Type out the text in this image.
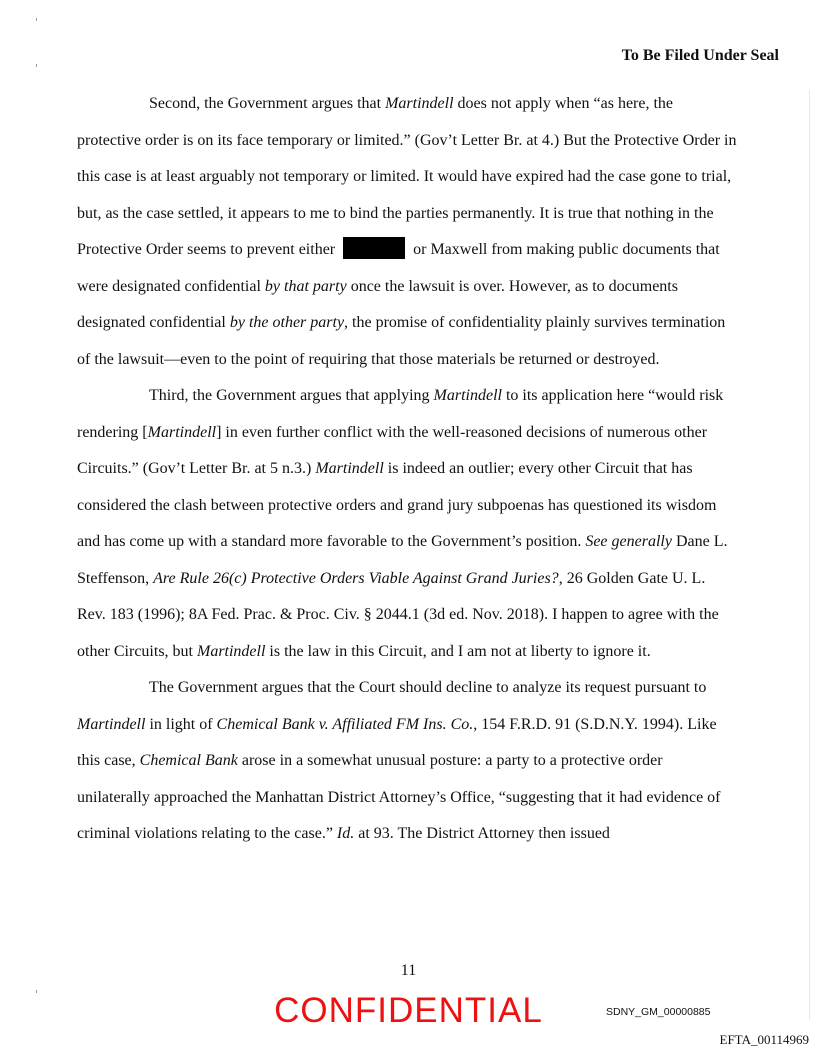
To Be Filed Under Seal

Second, the Government argues that Martindell does not apply when “as here, the protective order is on its face temporary or limited.” (Gov’t Letter Br. at 4.) But the Protective Order in this case is at least arguably not temporary or limited. It would have expired had the case gone to trial, but, as the case settled, it appears to me to bind the parties permanently. It is true that nothing in the Protective Order seems to prevent either	or Maxwell from making public documents that were designated confidential by that party once the lawsuit is over. However, as to documents designated confidential by the other party, the promise of confidentiality plainly survives termination of the lawsuit—even to the point of requiring that those materials be returned or destroyed.

Third, the Government argues that applying Martindell to its application here “would risk rendering [Martindell] in even further conflict with the well-reasoned decisions of numerous other Circuits.” (Gov’t Letter Br. at 5 n.3.) Martindell is indeed an outlier; every other Circuit that has considered the clash between protective orders and grand jury subpoenas has questioned its wisdom and has come up with a standard more favorable to the Government’s position. See generally Dane L. Steffenson, Are Rule 26(c) Protective Orders Viable Against Grand Juries?, 26 Golden Gate U. L. Rev. 183 (1996); 8A Fed. Prac. & Proc. Civ. § 2044.1 (3d ed. Nov. 2018). I happen to agree with the other Circuits, but Martindell is the law in this Circuit, and I am not at liberty to ignore it.

The Government argues that the Court should decline to analyze its request pursuant to Martindell in light of Chemical Bank v. Affiliated FM Ins. Co., 154 F.R.D. 91 (S.D.N.Y. 1994). Like this case, Chemical Bank arose in a somewhat unusual posture: a party to a protective order unilaterally approached the Manhattan District Attorney’s Office, “suggesting that it had evidence of criminal violations relating to the case.” Id. at 93. The District Attorney then issued

11
SDNY_GM_00000885
CONFIDENTIAL
EFTA_00114969
